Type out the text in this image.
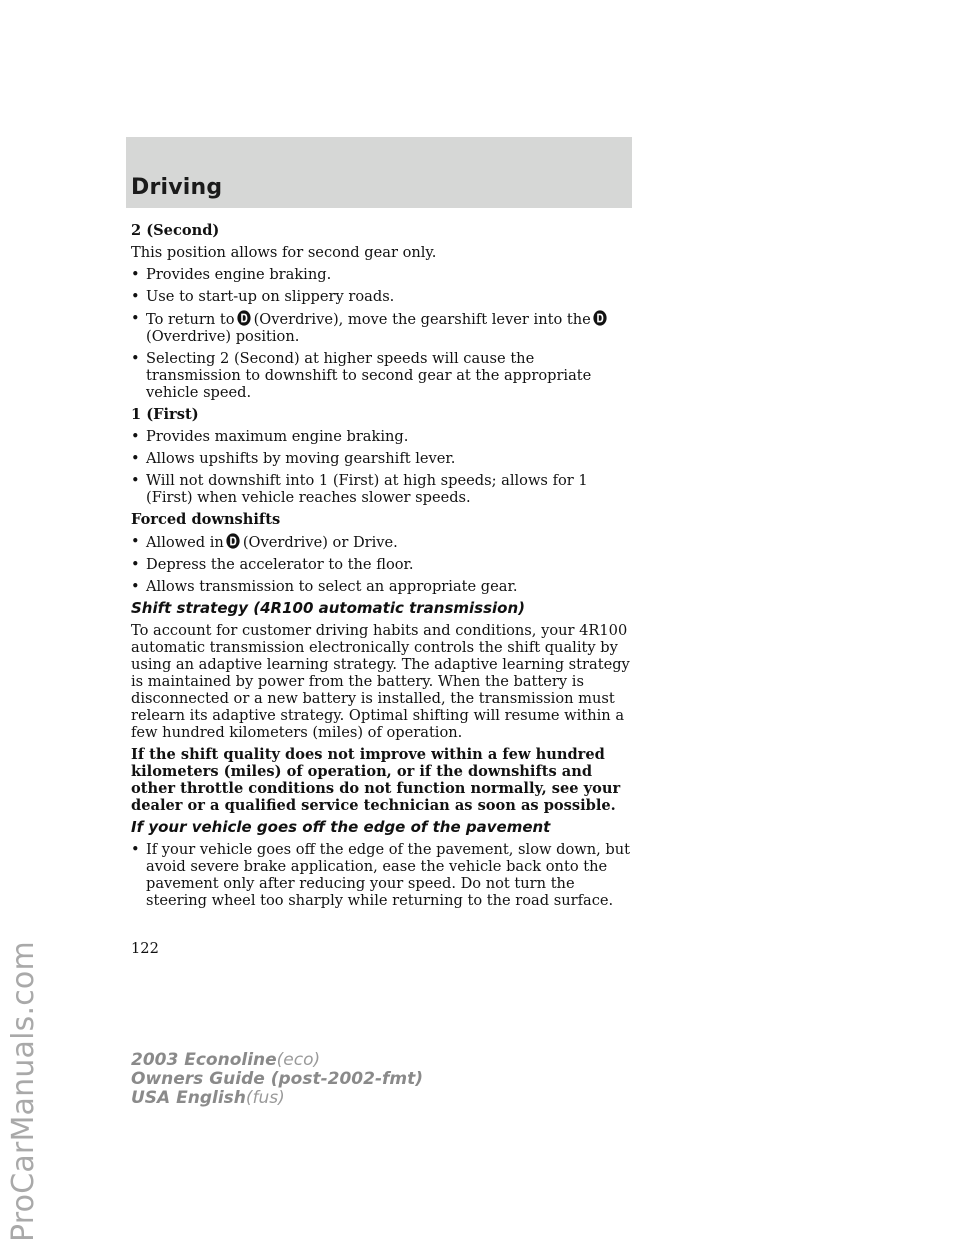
ProCarManuals.com
Driving
2 (Second)
This position allows for second gear only.
• Provides engine braking.
• Use to start-up on slippery roads.
• To return to (Overdrive), move the gearshift lever into the
(Overdrive) position.
• Selecting 2 (Second) at higher speeds will cause the transmission to downshift to second gear at the appropriate vehicle speed.
1 (First)
• Provides maximum engine braking.
• Allows upshifts by moving gearshift lever.
• Will not downshift into 1 (First) at high speeds; allows for 1 (First) when vehicle reaches slower speeds.
Forced downshifts
• Allowed in (Overdrive) or Drive.
• Depress the accelerator to the floor.
• Allows transmission to select an appropriate gear.
Shift strategy (4R100 automatic transmission)
To account for customer driving habits and conditions, your 4R100 automatic transmission electronically controls the shift quality by using an adaptive learning strategy. The adaptive learning strategy is maintained by power from the battery. When the battery is disconnected or a new battery is installed, the transmission must relearn its adaptive strategy. Optimal shifting will resume within a few hundred kilometers (miles) of operation.
If the shift quality does not improve within a few hundred kilometers (miles) of operation, or if the downshifts and other throttle conditions do not function normally, see your dealer or a qualified service technician as soon as possible.
If your vehicle goes off the edge of the pavement
• If your vehicle goes off the edge of the pavement, slow down, but avoid severe brake application, ease the vehicle back onto the pavement only after reducing your speed. Do not turn the steering wheel too sharply while returning to the road surface.
122
2003 Econoline(eco)
Owners Guide (post-2002-fmt)
USA English(fus)
